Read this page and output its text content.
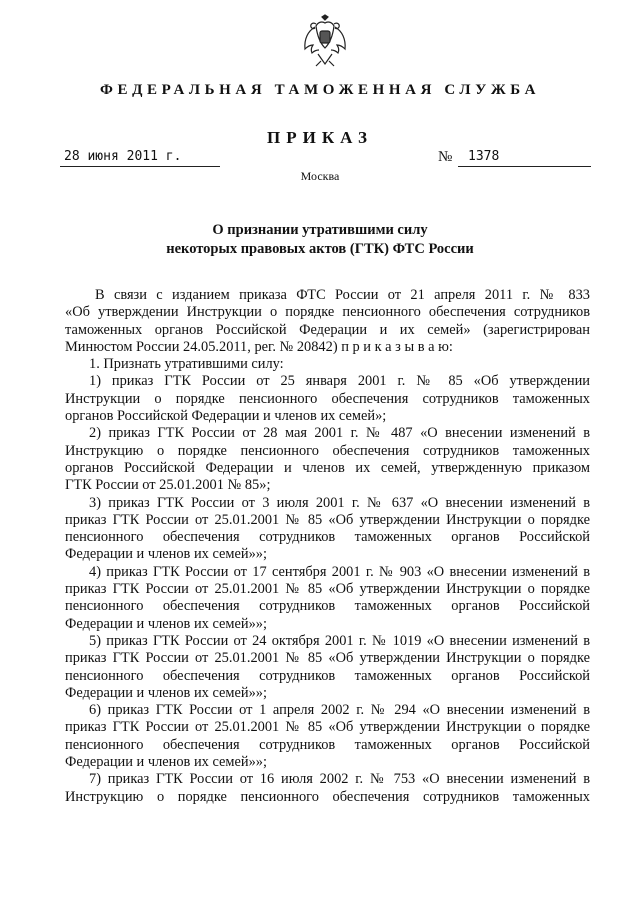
ФЕДЕРАЛЬНАЯ ТАМОЖЕННАЯ СЛУЖБА
ПРИКАЗ
28 июня 2011 г.	№	1378
Москва
О признании утратившими силу
некоторых правовых актов (ГТК) ФТС России
В связи с изданием приказа ФТС России от 21 апреля 2011 г. № 833
«Об утверждении Инструкции о порядке пенсионного обеспечения сотрудников
таможенных органов Российской Федерации и их семей» (зарегистрирован
Минюстом России 24.05.2011, рег. № 20842) п р и к а з ы в а ю:
1. Признать утратившими силу:
1) приказ ГТК России от 25 января 2001 г. № 85 «Об утверждении
Инструкции о порядке пенсионного обеспечения сотрудников таможенных
органов Российской Федерации и членов их семей»;
2) приказ ГТК России от 28 мая 2001 г. № 487 «О внесении изменений в
Инструкцию о порядке пенсионного обеспечения сотрудников таможенных
органов Российской Федерации и членов их семей, утвержденную приказом
ГТК России от 25.01.2001 № 85»;
3) приказ ГТК России от 3 июля 2001 г. № 637 «О внесении изменений в
приказ ГТК России от 25.01.2001 № 85 «Об утверждении Инструкции о порядке
пенсионного обеспечения сотрудников таможенных органов Российской
Федерации и членов их семей»»;
4) приказ ГТК России от 17 сентября 2001 г. № 903 «О внесении изменений в
приказ ГТК России от 25.01.2001 № 85 «Об утверждении Инструкции о порядке
пенсионного обеспечения сотрудников таможенных органов Российской
Федерации и членов их семей»»;
5) приказ ГТК России от 24 октября 2001 г. № 1019 «О внесении изменений в
приказ ГТК России от 25.01.2001 № 85 «Об утверждении Инструкции о порядке
пенсионного обеспечения сотрудников таможенных органов Российской
Федерации и членов их семей»»;
6) приказ ГТК России от 1 апреля 2002 г. № 294 «О внесении изменений в
приказ ГТК России от 25.01.2001 № 85 «Об утверждении Инструкции о порядке
пенсионного обеспечения сотрудников таможенных органов Российской
Федерации и членов их семей»»;
7) приказ ГТК России от 16 июля 2002 г. № 753 «О внесении изменений в
Инструкцию о порядке пенсионного обеспечения сотрудников таможенных
